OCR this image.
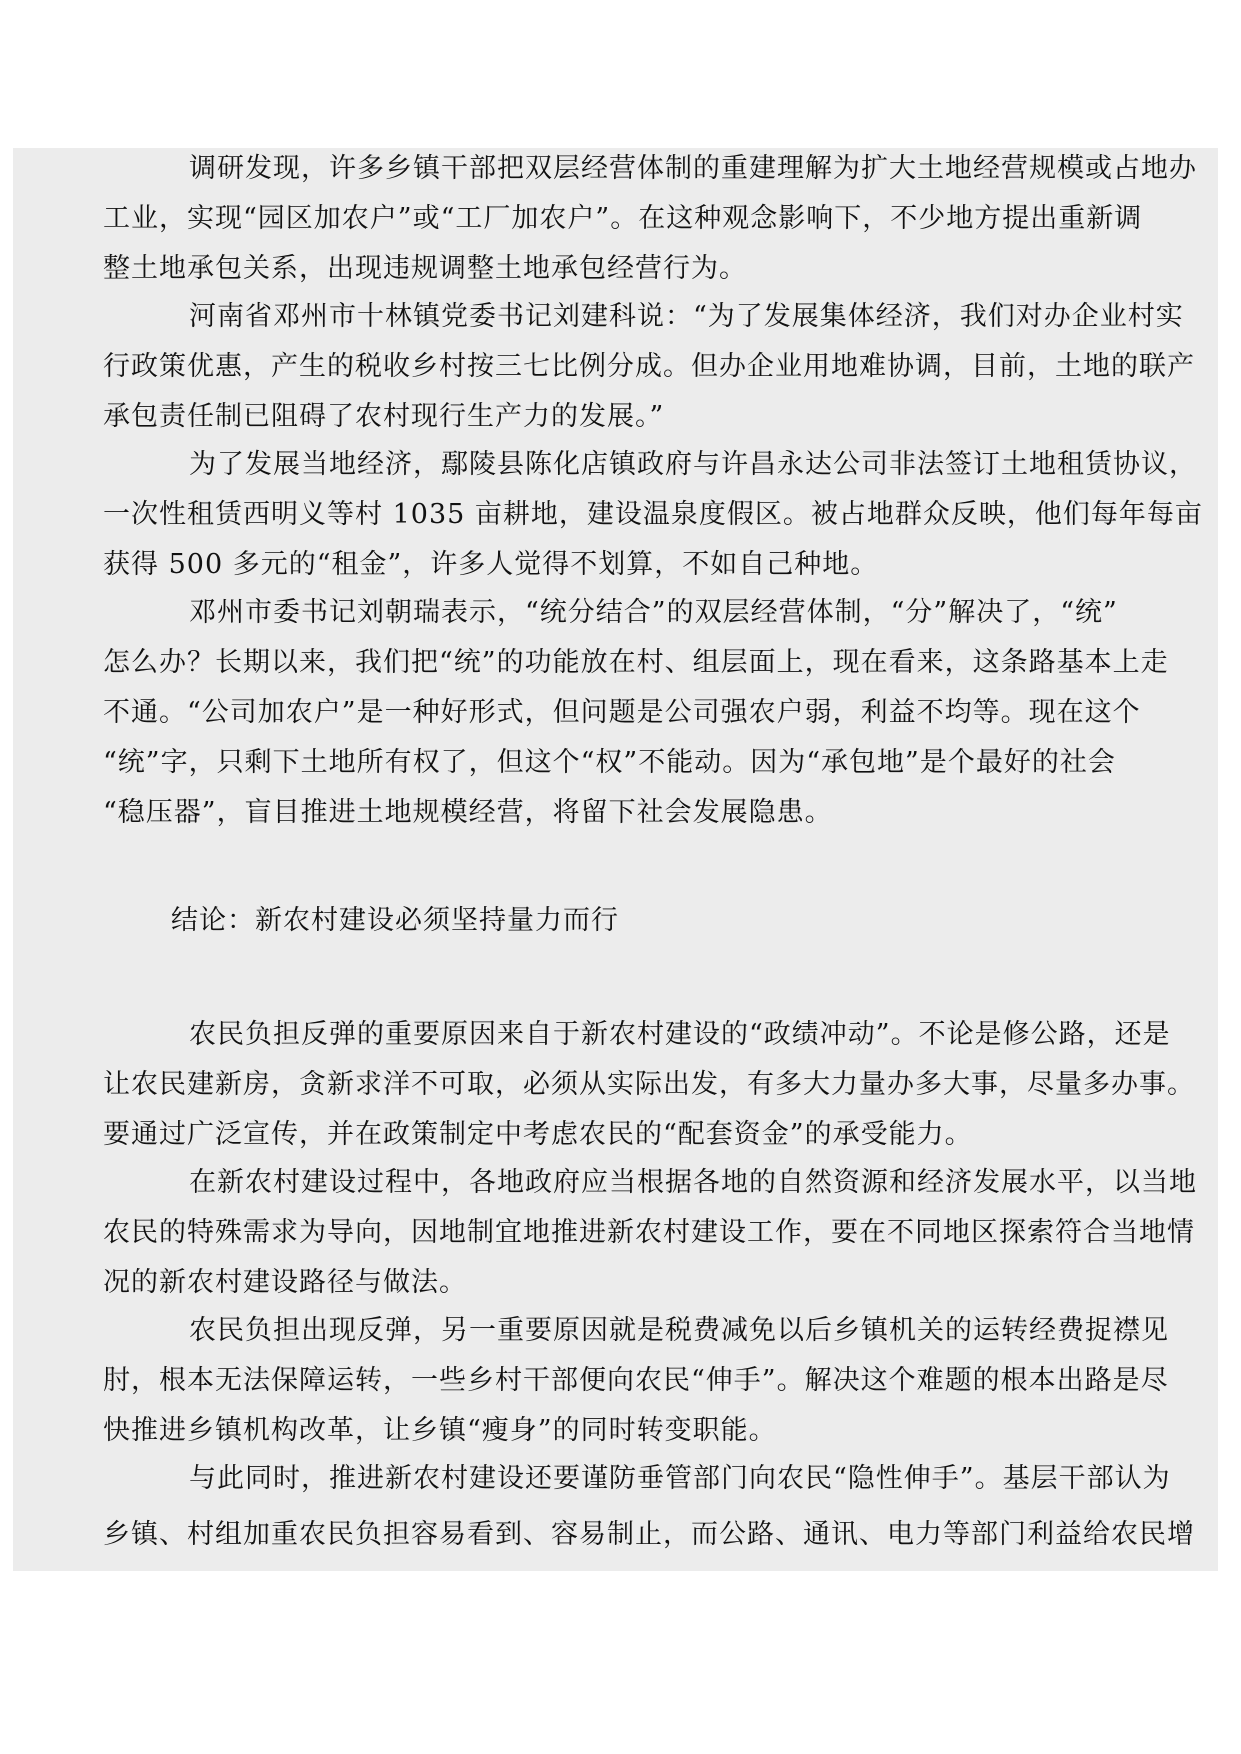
调研发现，许多乡镇干部把双层经营体制的重建理解为扩大土地经营规模或占地办
工业，实现“园区加农户”或“工厂加农户”。在这种观念影响下，不少地方提出重新调
整土地承包关系，出现违规调整土地承包经营行为。
河南省邓州市十林镇党委书记刘建科说：“为了发展集体经济，我们对办企业村实
行政策优惠，产生的税收乡村按三七比例分成。但办企业用地难协调，目前，土地的联产
承包责任制已阻碍了农村现行生产力的发展。”
为了发展当地经济，鄢陵县陈化店镇政府与许昌永达公司非法签订土地租赁协议，
一次性租赁西明义等村 1035 亩耕地，建设温泉度假区。被占地群众反映，他们每年每亩
获得 500 多元的“租金”，许多人觉得不划算，不如自己种地。
邓州市委书记刘朝瑞表示，“统分结合”的双层经营体制，“分”解决了，“统”
怎么办？长期以来，我们把“统”的功能放在村、组层面上，现在看来，这条路基本上走
不通。“公司加农户”是一种好形式，但问题是公司强农户弱，利益不均等。现在这个
“统”字，只剩下土地所有权了，但这个“权”不能动。因为“承包地”是个最好的社会
“稳压器”，盲目推进土地规模经营，将留下社会发展隐患。
结论：新农村建设必须坚持量力而行
农民负担反弹的重要原因来自于新农村建设的“政绩冲动”。不论是修公路，还是
让农民建新房，贪新求洋不可取，必须从实际出发，有多大力量办多大事，尽量多办事。
要通过广泛宣传，并在政策制定中考虑农民的“配套资金”的承受能力。
在新农村建设过程中，各地政府应当根据各地的自然资源和经济发展水平，以当地
农民的特殊需求为导向，因地制宜地推进新农村建设工作，要在不同地区探索符合当地情
况的新农村建设路径与做法。
农民负担出现反弹，另一重要原因就是税费减免以后乡镇机关的运转经费捉襟见
肘，根本无法保障运转，一些乡村干部便向农民“伸手”。解决这个难题的根本出路是尽
快推进乡镇机构改革，让乡镇“瘦身”的同时转变职能。
与此同时，推进新农村建设还要谨防垂管部门向农民“隐性伸手”。基层干部认为
乡镇、村组加重农民负担容易看到、容易制止，而公路、通讯、电力等部门利益给农民增
